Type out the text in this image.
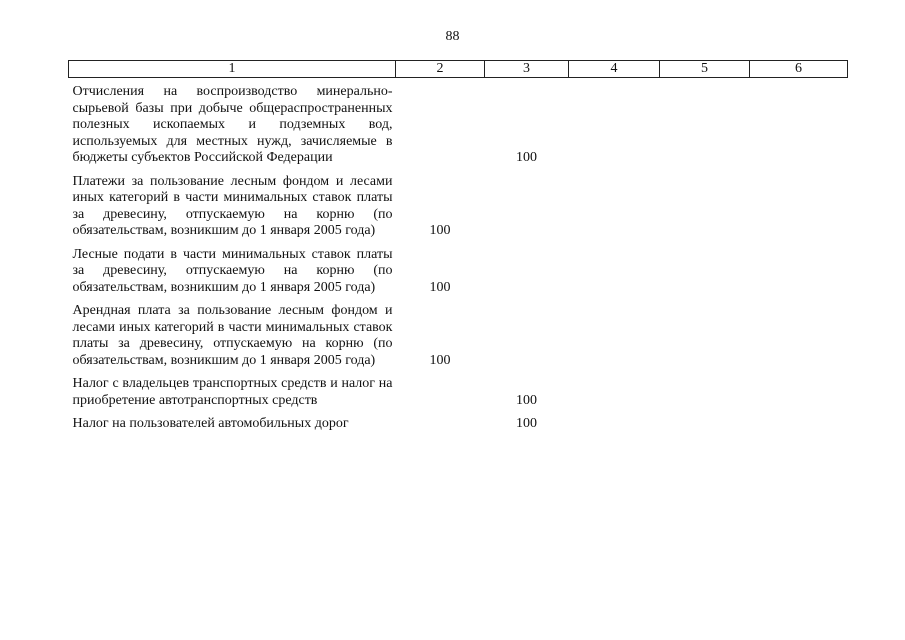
88
1	2	3	4	5	6
Отчисления на воспроизводство минерально-сырьевой базы при добыче общераспространенных полезных ископаемых и подземных вод, используемых для местных нужд, зачисляемые в бюджеты субъектов Российской Федерации		100			

Платежи за пользование лесным фондом и лесами иных категорий в части минимальных ставок платы за древесину, отпускаемую на корню (по обязательствам, возникшим до 1 января 2005 года)	100				

Лесные подати в части минимальных ставок платы за древесину, отпускаемую на корню (по обязательствам, возникшим до 1 января 2005 года)	100				

Арендная плата за пользование лесным фондом и лесами иных категорий в части минимальных ставок платы за древесину, отпускаемую на корню (по обязательствам, возникшим до 1 января 2005 года)	100				

Налог с владельцев транспортных средств и налог на приобретение автотранспортных средств		100			

Налог на пользователей автомобильных дорог		100			
